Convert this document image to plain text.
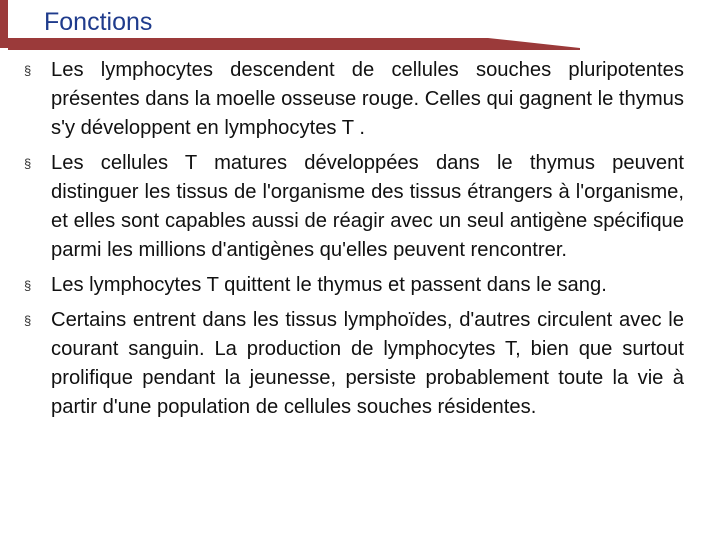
Fonctions
§ Les lymphocytes descendent de cellules souches pluripotentes présentes dans la moelle osseuse rouge. Celles qui gagnent le thymus s'y développent en lymphocytes T .
§ Les cellules T matures développées dans le thymus peuvent distinguer les tissus de l'organisme des tissus étrangers à l'organisme, et elles sont capables aussi de réagir avec un seul antigène spécifique parmi les millions d'antigènes qu'elles peuvent rencontrer.
§ Les lymphocytes T quittent le thymus et passent dans le sang.
§ Certains entrent dans les tissus lymphoïdes, d'autres circulent avec le courant sanguin. La production de lymphocytes T, bien que surtout prolifique pendant la jeunesse, persiste probablement toute la vie à partir d'une population de cellules souches résidentes.
